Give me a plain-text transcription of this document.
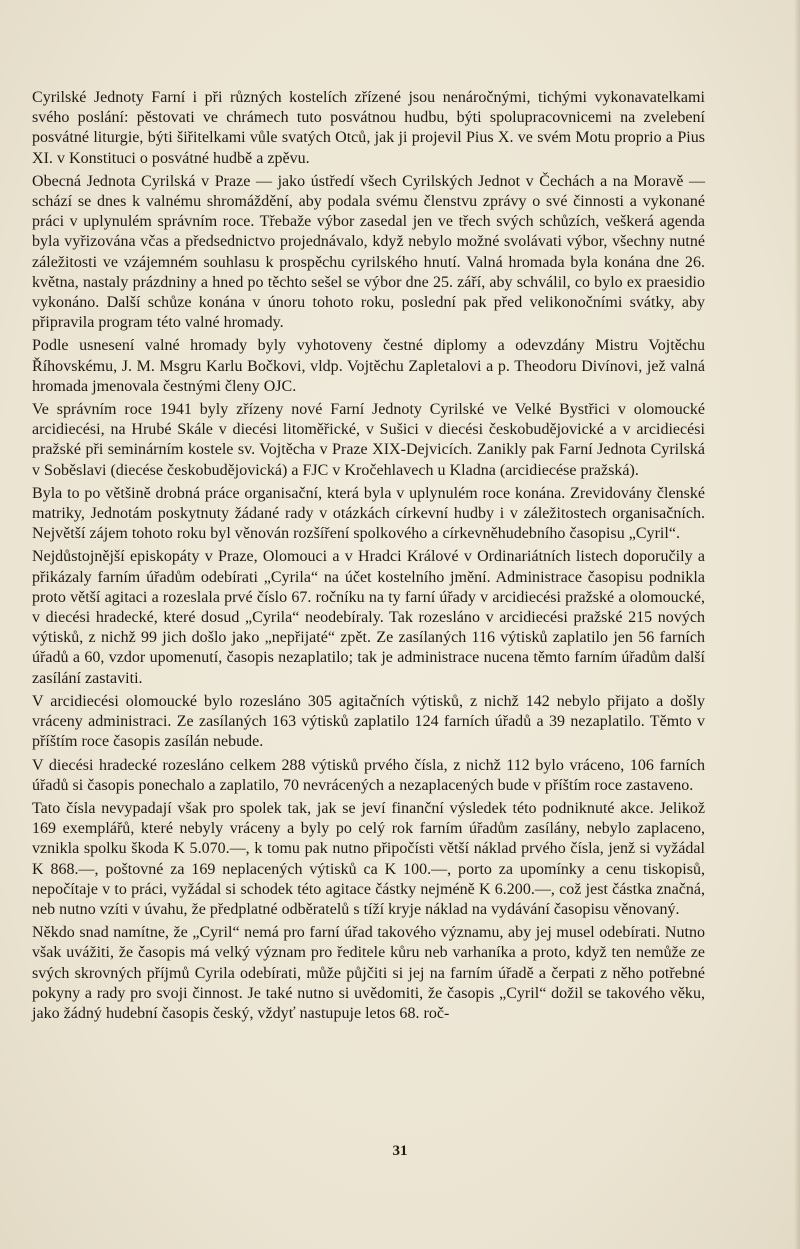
Cyrilské Jednoty Farní i při různých kostelích zřízené jsou nenáročnými, tichými vykonavatelkami svého poslání: pěstovati ve chrámech tuto posvátnou hudbu, býti spolupracovnicemi na zvelebení posvátné liturgie, býti šiřitelkami vůle svatých Otců, jak ji projevil Pius X. ve svém Motu proprio a Pius XI. v Konstituci o posvátné hudbě a zpěvu.

Obecná Jednota Cyrilská v Praze — jako ústředí všech Cyrilských Jednot v Čechách a na Moravě — schází se dnes k valnému shromáždění, aby podala svému členstvu zprávy o své činnosti a vykonané práci v uplynulém správním roce. Třebaže výbor zasedal jen ve třech svých schůzích, veškerá agenda byla vyřizována včas a předsednictvo projednávalo, když nebylo možné svolávati výbor, všechny nutné záležitosti ve vzájemném souhlasu k prospěchu cyrilského hnutí. Valná hromada byla konána dne 26. května, nastaly prázdniny a hned po těchto sešel se výbor dne 25. září, aby schválil, co bylo ex praesidio vykonáno. Další schůze konána v únoru tohoto roku, poslední pak před velikonočními svátky, aby připravila program této valné hromady.

Podle usnesení valné hromady byly vyhotoveny čestné diplomy a odevzdány Mistru Vojtěchu Říhovskému, J. M. Msgru Karlu Bočkovi, vldp. Vojtěchu Zapletalovi a p. Theodoru Divínovi, jež valná hromada jmenovala čestnými členy OJC.

Ve správním roce 1941 byly zřízeny nové Farní Jednoty Cyrilské ve Velké Bystřici v olomoucké arcidiecési, na Hrubé Skále v diecési litoměřické, v Sušici v diecési českobudějovické a v arcidiecési pražské při seminárním kostele sv. Vojtěcha v Praze XIX-Dejvicích. Zanikly pak Farní Jednota Cyrilská v Soběslavi (diecése českobudějovická) a FJC v Kročehlavech u Kladna (arcidiecése pražská).

Byla to po většině drobná práce organisační, která byla v uplynulém roce konána. Zrevidovány členské matriky, Jednotám poskytnuty žádané rady v otázkách církevní hudby i v záležitostech organisačních. Největší zájem tohoto roku byl věnován rozšíření spolkového a církevněhudebního časopisu „Cyril“.

Nejdůstojnější episkopáty v Praze, Olomouci a v Hradci Králové v Ordinariátních listech doporučily a přikázaly farním úřadům odebírati „Cyrila“ na účet kostelního jmění. Administrace časopisu podnikla proto větší agitaci a rozeslala prvé číslo 67. ročníku na ty farní úřady v arcidiecési pražské a olomoucké, v diecési hradecké, které dosud „Cyrila“ neodebíraly. Tak rozesláno v arcidiecési pražské 215 nových výtisků, z nichž 99 jich došlo jako „nepřijaté“ zpět. Ze zasílaných 116 výtisků zaplatilo jen 56 farních úřadů a 60, vzdor upomenutí, časopis nezaplatilo; tak je administrace nucena těmto farním úřadům další zasílání zastaviti.

V arcidiecési olomoucké bylo rozesláno 305 agitačních výtisků, z nichž 142 nebylo přijato a došly vráceny administraci. Ze zasílaných 163 výtisků zaplatilo 124 farních úřadů a 39 nezaplatilo. Těmto v příštím roce časopis zasílán nebude.

V diecési hradecké rozesláno celkem 288 výtisků prvého čísla, z nichž 112 bylo vráceno, 106 farních úřadů si časopis ponechalo a zaplatilo, 70 nevrácených a nezaplacených bude v příštím roce zastaveno.

Tato čísla nevypadají však pro spolek tak, jak se jeví finanční výsledek této podniknuté akce. Jelikož 169 exemplářů, které nebyly vráceny a byly po celý rok farním úřadům zasílány, nebylo zaplaceno, vznikla spolku škoda K 5.070.—, k tomu pak nutno připočísti větší náklad prvého čísla, jenž si vyžádal K 868.—, poštovné za 169 neplacených výtisků ca K 100.—, porto za upomínky a cenu tiskopisů, nepočítaje v to práci, vyžádal si schodek této agitace částky nejméně K 6.200.—, což jest částka značná, neb nutno vzíti v úvahu, že předplatné odběratelů s tíží kryje náklad na vydávání časopisu věnovaný.

Někdo snad namítne, že „Cyril“ nemá pro farní úřad takového významu, aby jej musel odebírati. Nutno však uvážiti, že časopis má velký význam pro ředitele kůru neb varhaníka a proto, když ten nemůže ze svých skrovných příjmů Cyrila odebírati, může půjčiti si jej na farním úřadě a čerpati z něho potřebné pokyny a rady pro svoji činnost. Je také nutno si uvědomiti, že časopis „Cyril“ dožil se takového věku, jako žádný hudební časopis český, vždyť nastupuje letos 68. roč-

31
